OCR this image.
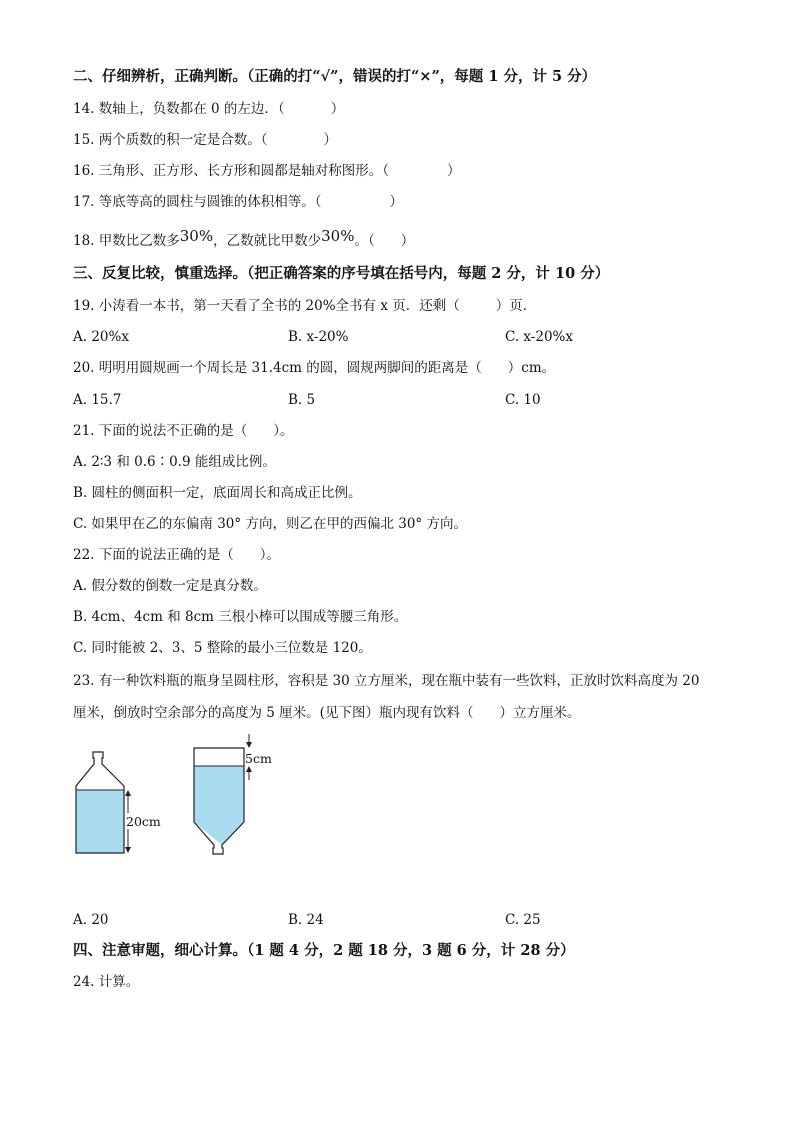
二、仔细辨析，正确判断。（正确的打“√”，错误的打“×”，每题 1 分，计 5 分）
14. 数轴上，负数都在 0 的左边．（	）
15. 两个质数的积一定是合数。（	）
16. 三角形、正方形、长方形和圆都是轴对称图形。（	）
17. 等底等高的圆柱与圆锥的体积相等。（	）
18. 甲数比乙数多30%，乙数就比甲数少30%。（ ）
三、反复比较，慎重选择。（把正确答案的序号填在括号内，每题 2 分，计 10 分）
19. 小涛看一本书，第一天看了全书的 20%全书有 x 页．还剩（	）页．
A. 20%x	B. x-20%	C. x-20%x
20. 明明用圆规画一个周长是 31.4cm 的圆，圆规两脚间的距离是（ ）cm。
A. 15.7	B. 5	C. 10
21. 下面的说法不正确的是（ ）。
A. 2∶3 和 0.6∶0.9 能组成比例。
B. 圆柱的侧面积一定，底面周长和高成正比例。
C. 如果甲在乙的东偏南 30° 方向，则乙在甲的西偏北 30° 方向。
22. 下面的说法正确的是（ ）。
A. 假分数的倒数一定是真分数。
B. 4cm、4cm 和 8cm 三根小棒可以围成等腰三角形。
C. 同时能被 2、3、5 整除的最小三位数是 120。
23. 有一种饮料瓶的瓶身呈圆柱形，容积是 30 立方厘米，现在瓶中装有一些饮料，正放时饮料高度为 20
厘米，倒放时空余部分的高度为 5 厘米。(见下图）瓶内现有饮料（ ）立方厘米。
20cm
5cm
A. 20	B. 24	C. 25
四、注意审题，细心计算。（1 题 4 分，2 题 18 分，3 题 6 分，计 28 分）
24. 计算。
